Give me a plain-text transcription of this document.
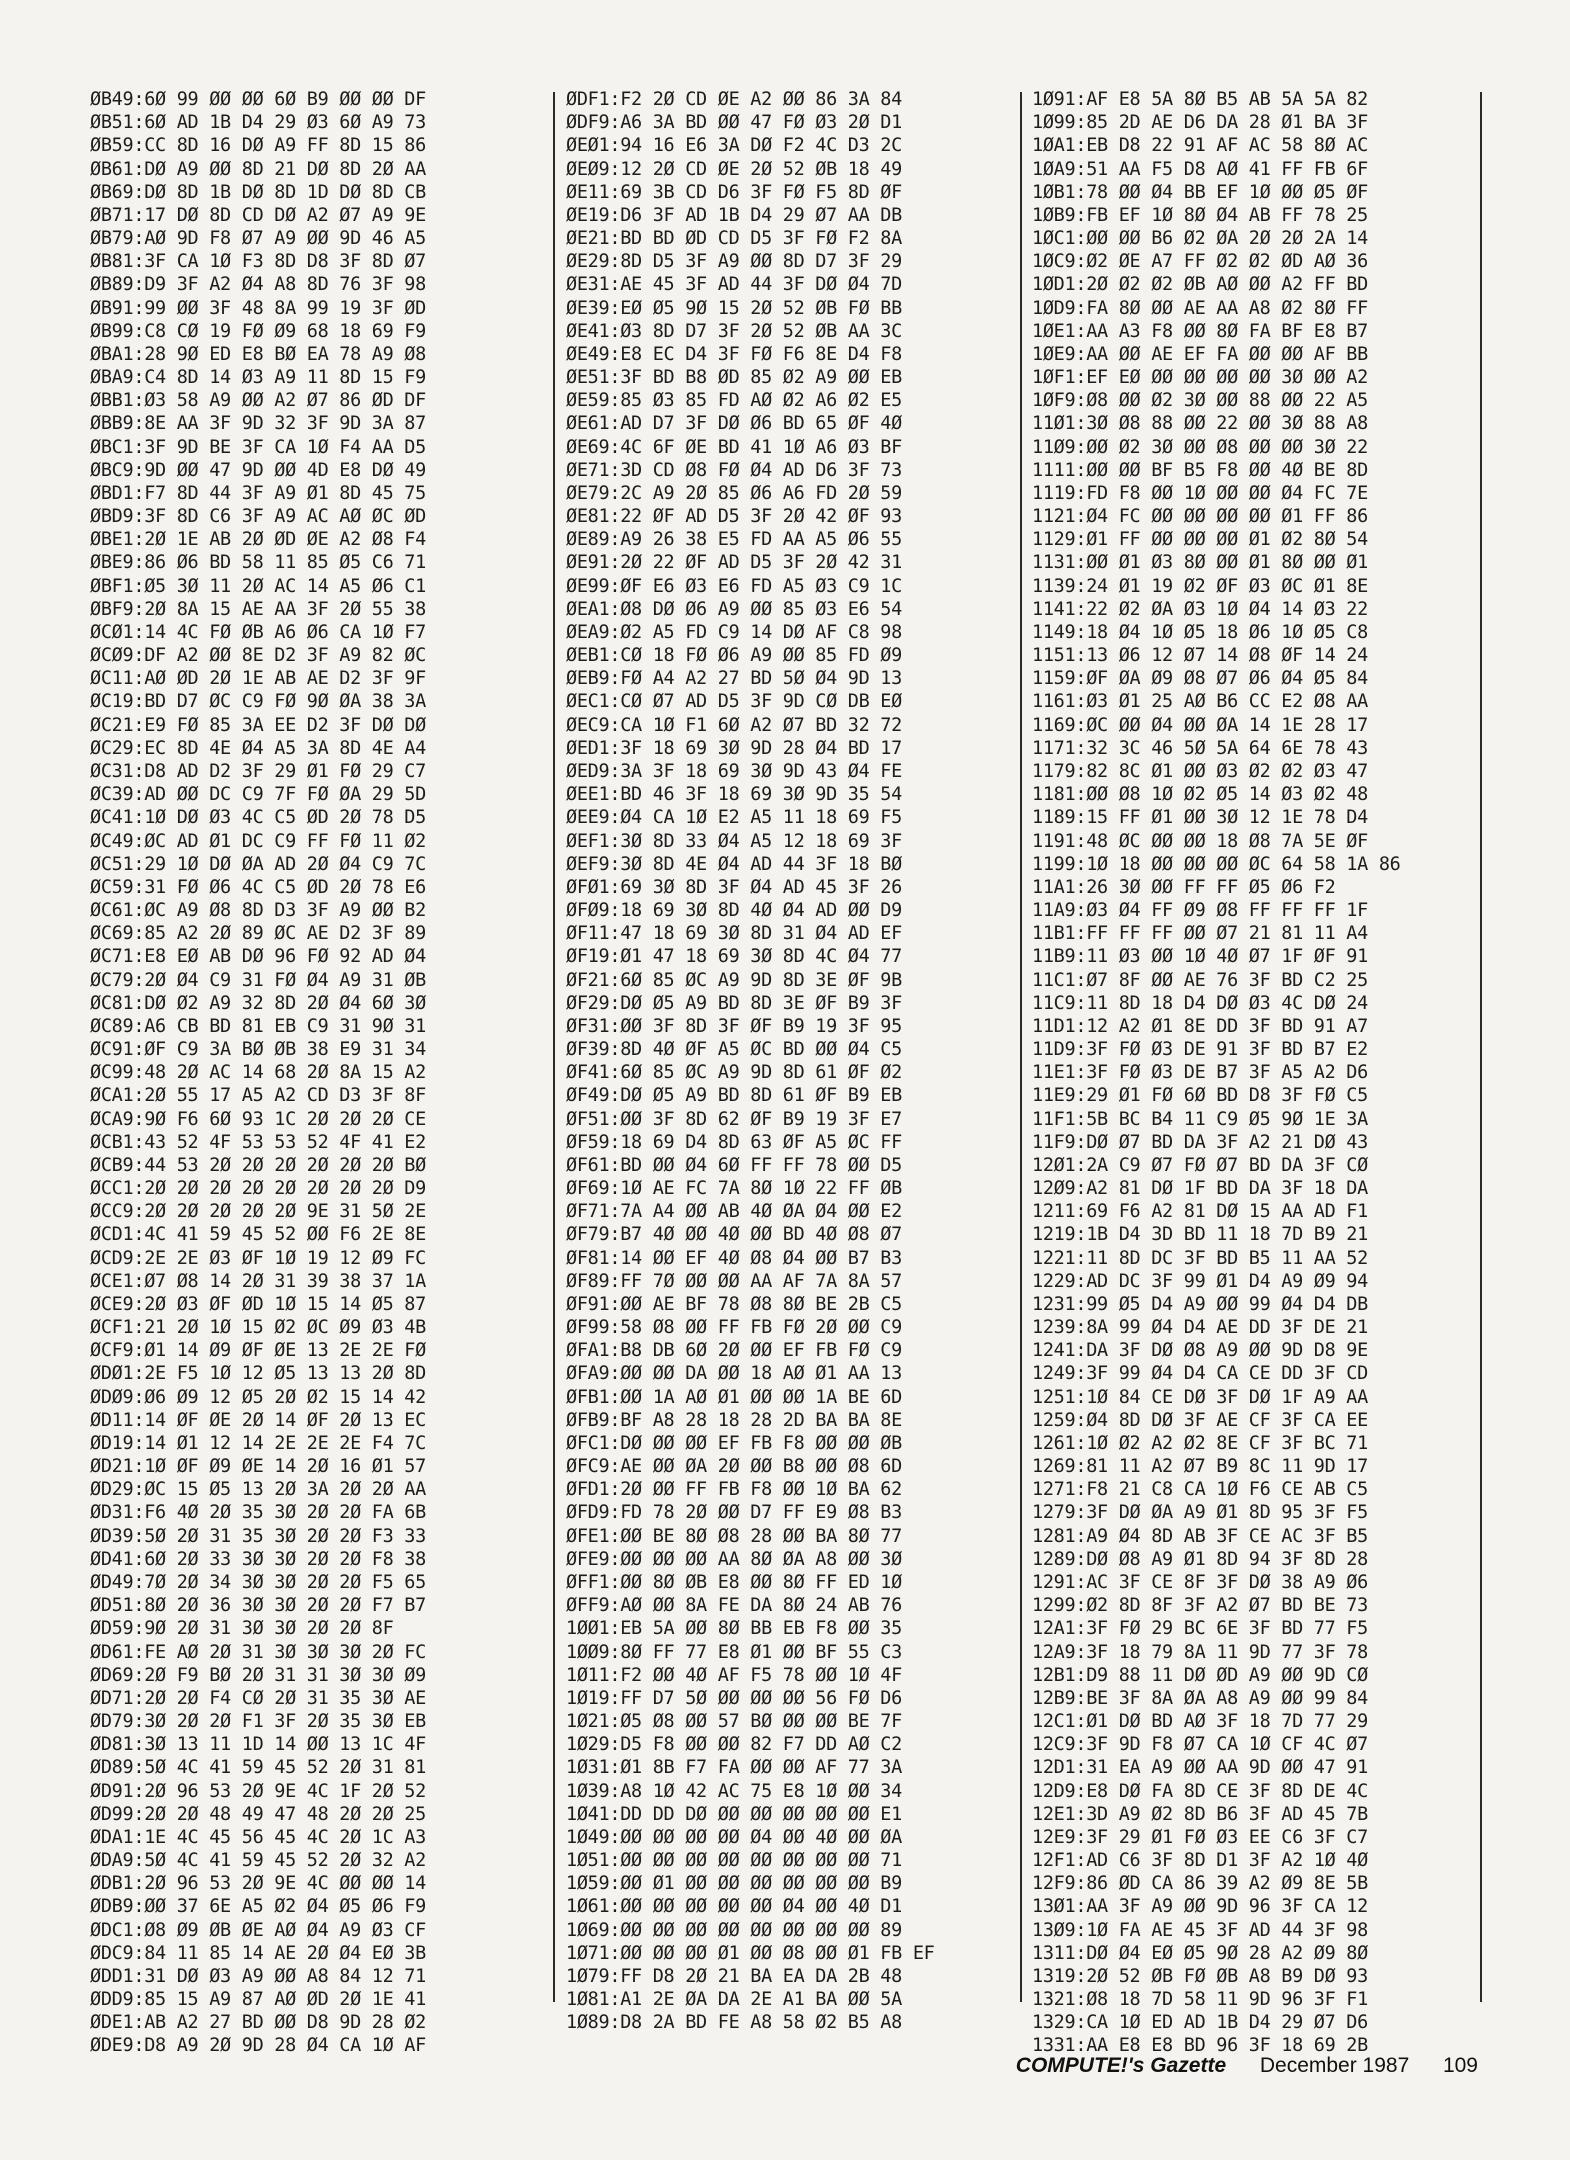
ØB49:6Ø 99 ØØ ØØ 6Ø B9 ØØ ØØ DF
ØB51:6Ø AD 1B D4 29 Ø3 6Ø A9 73
ØB59:CC 8D 16 DØ A9 FF 8D 15 86
ØB61:DØ A9 ØØ 8D 21 DØ 8D 2Ø AA
ØB69:DØ 8D 1B DØ 8D 1D DØ 8D CB
ØB71:17 DØ 8D CD DØ A2 Ø7 A9 9E
ØB79:AØ 9D F8 Ø7 A9 ØØ 9D 46 A5
ØB81:3F CA 1Ø F3 8D D8 3F 8D Ø7
ØB89:D9 3F A2 Ø4 A8 8D 76 3F 98
ØB91:99 ØØ 3F 48 8A 99 19 3F ØD
ØB99:C8 CØ 19 FØ Ø9 68 18 69 F9
ØBA1:28 9Ø ED E8 BØ EA 78 A9 Ø8
ØBA9:C4 8D 14 Ø3 A9 11 8D 15 F9
ØBB1:Ø3 58 A9 ØØ A2 Ø7 86 ØD DF
ØBB9:8E AA 3F 9D 32 3F 9D 3A 87
ØBC1:3F 9D BE 3F CA 1Ø F4 AA D5
ØBC9:9D ØØ 47 9D ØØ 4D E8 DØ 49
ØBD1:F7 8D 44 3F A9 Ø1 8D 45 75
ØBD9:3F 8D C6 3F A9 AC AØ ØC ØD
ØBE1:2Ø 1E AB 2Ø ØD ØE A2 Ø8 F4
ØBE9:86 Ø6 BD 58 11 85 Ø5 C6 71
ØBF1:Ø5 3Ø 11 2Ø AC 14 A5 Ø6 C1
ØBF9:2Ø 8A 15 AE AA 3F 2Ø 55 38
ØCØ1:14 4C FØ ØB A6 Ø6 CA 1Ø F7
ØCØ9:DF A2 ØØ 8E D2 3F A9 82 ØC
ØC11:AØ ØD 2Ø 1E AB AE D2 3F 9F
ØC19:BD D7 ØC C9 FØ 9Ø ØA 38 3A
ØC21:E9 FØ 85 3A EE D2 3F DØ DØ
ØC29:EC 8D 4E Ø4 A5 3A 8D 4E A4
ØC31:D8 AD D2 3F 29 Ø1 FØ 29 C7
ØC39:AD ØØ DC C9 7F FØ ØA 29 5D
ØC41:1Ø DØ Ø3 4C C5 ØD 2Ø 78 D5
ØC49:ØC AD Ø1 DC C9 FF FØ 11 Ø2
ØC51:29 1Ø DØ ØA AD 2Ø Ø4 C9 7C
ØC59:31 FØ Ø6 4C C5 ØD 2Ø 78 E6
ØC61:ØC A9 Ø8 8D D3 3F A9 ØØ B2
ØC69:85 A2 2Ø 89 ØC AE D2 3F 89
ØC71:E8 EØ AB DØ 96 FØ 92 AD Ø4
ØC79:2Ø Ø4 C9 31 FØ Ø4 A9 31 ØB
ØC81:DØ Ø2 A9 32 8D 2Ø Ø4 6Ø 3Ø
ØC89:A6 CB BD 81 EB C9 31 9Ø 31
ØC91:ØF C9 3A BØ ØB 38 E9 31 34
ØC99:48 2Ø AC 14 68 2Ø 8A 15 A2
ØCA1:2Ø 55 17 A5 A2 CD D3 3F 8F
ØCA9:9Ø F6 6Ø 93 1C 2Ø 2Ø 2Ø CE
ØCB1:43 52 4F 53 53 52 4F 41 E2
ØCB9:44 53 2Ø 2Ø 2Ø 2Ø 2Ø 2Ø BØ
ØCC1:2Ø 2Ø 2Ø 2Ø 2Ø 2Ø 2Ø 2Ø D9
ØCC9:2Ø 2Ø 2Ø 2Ø 2Ø 9E 31 5Ø 2E
ØCD1:4C 41 59 45 52 ØØ F6 2E 8E
ØCD9:2E 2E Ø3 ØF 1Ø 19 12 Ø9 FC
ØCE1:Ø7 Ø8 14 2Ø 31 39 38 37 1A
ØCE9:2Ø Ø3 ØF ØD 1Ø 15 14 Ø5 87
ØCF1:21 2Ø 1Ø 15 Ø2 ØC Ø9 Ø3 4B
ØCF9:Ø1 14 Ø9 ØF ØE 13 2E 2E FØ
ØDØ1:2E F5 1Ø 12 Ø5 13 13 2Ø 8D
ØDØ9:Ø6 Ø9 12 Ø5 2Ø Ø2 15 14 42
ØD11:14 ØF ØE 2Ø 14 ØF 2Ø 13 EC
ØD19:14 Ø1 12 14 2E 2E 2E F4 7C
ØD21:1Ø ØF Ø9 ØE 14 2Ø 16 Ø1 57
ØD29:ØC 15 Ø5 13 2Ø 3A 2Ø 2Ø AA
ØD31:F6 4Ø 2Ø 35 3Ø 2Ø 2Ø FA 6B
ØD39:5Ø 2Ø 31 35 3Ø 2Ø 2Ø F3 33
ØD41:6Ø 2Ø 33 3Ø 3Ø 2Ø 2Ø F8 38
ØD49:7Ø 2Ø 34 3Ø 3Ø 2Ø 2Ø F5 65
ØD51:8Ø 2Ø 36 3Ø 3Ø 2Ø 2Ø F7 B7
ØD59:9Ø 2Ø 31 3Ø 3Ø 2Ø 2Ø 8F
ØD61:FE AØ 2Ø 31 3Ø 3Ø 3Ø 2Ø FC
ØD69:2Ø F9 BØ 2Ø 31 31 3Ø 3Ø Ø9
ØD71:2Ø 2Ø F4 CØ 2Ø 31 35 3Ø AE
ØD79:3Ø 2Ø 2Ø F1 3F 2Ø 35 3Ø EB
ØD81:3Ø 13 11 1D 14 ØØ 13 1C 4F
ØD89:5Ø 4C 41 59 45 52 2Ø 31 81
ØD91:2Ø 96 53 2Ø 9E 4C 1F 2Ø 52
ØD99:2Ø 2Ø 48 49 47 48 2Ø 2Ø 25
ØDA1:1E 4C 45 56 45 4C 2Ø 1C A3
ØDA9:5Ø 4C 41 59 45 52 2Ø 32 A2
ØDB1:2Ø 96 53 2Ø 9E 4C ØØ ØØ 14
ØDB9:ØØ 37 6E A5 Ø2 Ø4 Ø5 Ø6 F9
ØDC1:Ø8 Ø9 ØB ØE AØ Ø4 A9 Ø3 CF
ØDC9:84 11 85 14 AE 2Ø Ø4 EØ 3B
ØDD1:31 DØ Ø3 A9 ØØ A8 84 12 71
ØDD9:85 15 A9 87 AØ ØD 2Ø 1E 41
ØDE1:AB A2 27 BD ØØ D8 9D 28 Ø2
ØDE9:D8 A9 2Ø 9D 28 Ø4 CA 1Ø AF
ØDF1:F2 2Ø CD ØE A2 ØØ 86 3A 84
ØDF9:A6 3A BD ØØ 47 FØ Ø3 2Ø D1
ØEØ1:94 16 E6 3A DØ F2 4C D3 2C
ØEØ9:12 2Ø CD ØE 2Ø 52 ØB 18 49
ØE11:69 3B CD D6 3F FØ F5 8D ØF
ØE19:D6 3F AD 1B D4 29 Ø7 AA DB
ØE21:BD BD ØD CD D5 3F FØ F2 8A
ØE29:8D D5 3F A9 ØØ 8D D7 3F 29
ØE31:AE 45 3F AD 44 3F DØ Ø4 7D
ØE39:EØ Ø5 9Ø 15 2Ø 52 ØB FØ BB
ØE41:Ø3 8D D7 3F 2Ø 52 ØB AA 3C
ØE49:E8 EC D4 3F FØ F6 8E D4 F8
ØE51:3F BD B8 ØD 85 Ø2 A9 ØØ EB
ØE59:85 Ø3 85 FD AØ Ø2 A6 Ø2 E5
ØE61:AD D7 3F DØ Ø6 BD 65 ØF 4Ø
ØE69:4C 6F ØE BD 41 1Ø A6 Ø3 BF
ØE71:3D CD Ø8 FØ Ø4 AD D6 3F 73
ØE79:2C A9 2Ø 85 Ø6 A6 FD 2Ø 59
ØE81:22 ØF AD D5 3F 2Ø 42 ØF 93
ØE89:A9 26 38 E5 FD AA A5 Ø6 55
ØE91:2Ø 22 ØF AD D5 3F 2Ø 42 31
ØE99:ØF E6 Ø3 E6 FD A5 Ø3 C9 1C
ØEA1:Ø8 DØ Ø6 A9 ØØ 85 Ø3 E6 54
ØEA9:Ø2 A5 FD C9 14 DØ AF C8 98
ØEB1:CØ 18 FØ Ø6 A9 ØØ 85 FD Ø9
ØEB9:FØ A4 A2 27 BD 5Ø Ø4 9D 13
ØEC1:CØ Ø7 AD D5 3F 9D CØ DB EØ
ØEC9:CA 1Ø F1 6Ø A2 Ø7 BD 32 72
ØED1:3F 18 69 3Ø 9D 28 Ø4 BD 17
ØED9:3A 3F 18 69 3Ø 9D 43 Ø4 FE
ØEE1:BD 46 3F 18 69 3Ø 9D 35 54
ØEE9:Ø4 CA 1Ø E2 A5 11 18 69 F5
ØEF1:3Ø 8D 33 Ø4 A5 12 18 69 3F
ØEF9:3Ø 8D 4E Ø4 AD 44 3F 18 BØ
ØFØ1:69 3Ø 8D 3F Ø4 AD 45 3F 26
ØFØ9:18 69 3Ø 8D 4Ø Ø4 AD ØØ D9
ØF11:47 18 69 3Ø 8D 31 Ø4 AD EF
ØF19:Ø1 47 18 69 3Ø 8D 4C Ø4 77
ØF21:6Ø 85 ØC A9 9D 8D 3E ØF 9B
ØF29:DØ Ø5 A9 BD 8D 3E ØF B9 3F
ØF31:ØØ 3F 8D 3F ØF B9 19 3F 95
ØF39:8D 4Ø ØF A5 ØC BD ØØ Ø4 C5
ØF41:6Ø 85 ØC A9 9D 8D 61 ØF Ø2
ØF49:DØ Ø5 A9 BD 8D 61 ØF B9 EB
ØF51:ØØ 3F 8D 62 ØF B9 19 3F E7
ØF59:18 69 D4 8D 63 ØF A5 ØC FF
ØF61:BD ØØ Ø4 6Ø FF FF 78 ØØ D5
ØF69:1Ø AE FC 7A 8Ø 1Ø 22 FF ØB
ØF71:7A A4 ØØ AB 4Ø ØA Ø4 ØØ E2
ØF79:B7 4Ø ØØ 4Ø ØØ BD 4Ø Ø8 Ø7
ØF81:14 ØØ EF 4Ø Ø8 Ø4 ØØ B7 B3
ØF89:FF 7Ø ØØ ØØ AA AF 7A 8A 57
ØF91:ØØ AE BF 78 Ø8 8Ø BE 2B C5
ØF99:58 Ø8 ØØ FF FB FØ 2Ø ØØ C9
ØFA1:B8 DB 6Ø 2Ø ØØ EF FB FØ C9
ØFA9:ØØ ØØ DA ØØ 18 AØ Ø1 AA 13
ØFB1:ØØ 1A AØ Ø1 ØØ ØØ 1A BE 6D
ØFB9:BF A8 28 18 28 2D BA BA 8E
ØFC1:DØ ØØ ØØ EF FB F8 ØØ ØØ ØB
ØFC9:AE ØØ ØA 2Ø ØØ B8 ØØ Ø8 6D
ØFD1:2Ø ØØ FF FB F8 ØØ 1Ø BA 62
ØFD9:FD 78 2Ø ØØ D7 FF E9 Ø8 B3
ØFE1:ØØ BE 8Ø Ø8 28 ØØ BA 8Ø 77
ØFE9:ØØ ØØ ØØ AA 8Ø ØA A8 ØØ 3Ø
ØFF1:ØØ 8Ø ØB E8 ØØ 8Ø FF ED 1Ø
ØFF9:AØ ØØ 8A FE DA 8Ø 24 AB 76
1ØØ1:EB 5A ØØ 8Ø BB EB F8 ØØ 35
1ØØ9:8Ø FF 77 E8 Ø1 ØØ BF 55 C3
1Ø11:F2 ØØ 4Ø AF F5 78 ØØ 1Ø 4F
1Ø19:FF D7 5Ø ØØ ØØ ØØ 56 FØ D6
1Ø21:Ø5 Ø8 ØØ 57 BØ ØØ ØØ BE 7F
1Ø29:D5 F8 ØØ ØØ 82 F7 DD AØ C2
1Ø31:Ø1 8B F7 FA ØØ ØØ AF 77 3A
1Ø39:A8 1Ø 42 AC 75 E8 1Ø ØØ 34
1Ø41:DD DD DØ ØØ ØØ ØØ ØØ ØØ E1
1Ø49:ØØ ØØ ØØ ØØ Ø4 ØØ 4Ø ØØ ØA
1Ø51:ØØ ØØ ØØ ØØ ØØ ØØ ØØ ØØ 71
1Ø59:ØØ Ø1 ØØ ØØ ØØ ØØ ØØ ØØ B9
1Ø61:ØØ ØØ ØØ ØØ ØØ Ø4 ØØ 4Ø D1
1Ø69:ØØ ØØ ØØ ØØ ØØ ØØ ØØ ØØ 89
1Ø71:ØØ ØØ ØØ Ø1 ØØ Ø8 ØØ Ø1 FB EF
1Ø79:FF D8 2Ø 21 BA EA DA 2B 48
1Ø81:A1 2E ØA DA 2E A1 BA ØØ 5A
1Ø89:D8 2A BD FE A8 58 Ø2 B5 A8
1Ø91:AF E8 5A 8Ø B5 AB 5A 5A 82
1Ø99:85 2D AE D6 DA 28 Ø1 BA 3F
1ØA1:EB D8 22 91 AF AC 58 8Ø AC
1ØA9:51 AA F5 D8 AØ 41 FF FB 6F
1ØB1:78 ØØ Ø4 BB EF 1Ø ØØ Ø5 ØF
1ØB9:FB EF 1Ø 8Ø Ø4 AB FF 78 25
1ØC1:ØØ ØØ B6 Ø2 ØA 2Ø 2Ø 2A 14
1ØC9:Ø2 ØE A7 FF Ø2 Ø2 ØD AØ 36
1ØD1:2Ø Ø2 Ø2 ØB AØ ØØ A2 FF BD
1ØD9:FA 8Ø ØØ AE AA A8 Ø2 8Ø FF
1ØE1:AA A3 F8 ØØ 8Ø FA BF E8 B7
1ØE9:AA ØØ AE EF FA ØØ ØØ AF BB
1ØF1:EF EØ ØØ ØØ ØØ ØØ 3Ø ØØ A2
1ØF9:Ø8 ØØ Ø2 3Ø ØØ 88 ØØ 22 A5
11Ø1:3Ø Ø8 88 ØØ 22 ØØ 3Ø 88 A8
11Ø9:ØØ Ø2 3Ø ØØ Ø8 ØØ ØØ 3Ø 22
1111:ØØ ØØ BF B5 F8 ØØ 4Ø BE 8D
1119:FD F8 ØØ 1Ø ØØ ØØ Ø4 FC 7E
1121:Ø4 FC ØØ ØØ ØØ ØØ Ø1 FF 86
1129:Ø1 FF ØØ ØØ ØØ Ø1 Ø2 8Ø 54
1131:ØØ Ø1 Ø3 8Ø ØØ Ø1 8Ø ØØ Ø1
1139:24 Ø1 19 Ø2 ØF Ø3 ØC Ø1 8E
1141:22 Ø2 ØA Ø3 1Ø Ø4 14 Ø3 22
1149:18 Ø4 1Ø Ø5 18 Ø6 1Ø Ø5 C8
1151:13 Ø6 12 Ø7 14 Ø8 ØF 14 24
1159:ØF ØA Ø9 Ø8 Ø7 Ø6 Ø4 Ø5 84
1161:Ø3 Ø1 25 AØ B6 CC E2 Ø8 AA
1169:ØC ØØ Ø4 ØØ ØA 14 1E 28 17
1171:32 3C 46 5Ø 5A 64 6E 78 43
1179:82 8C Ø1 ØØ Ø3 Ø2 Ø2 Ø3 47
1181:ØØ Ø8 1Ø Ø2 Ø5 14 Ø3 Ø2 48
1189:15 FF Ø1 ØØ 3Ø 12 1E 78 D4
1191:48 ØC ØØ ØØ 18 Ø8 7A 5E ØF
1199:1Ø 18 ØØ ØØ ØØ ØC 64 58 1A 86
11A1:26 3Ø ØØ FF FF Ø5 Ø6 F2
11A9:Ø3 Ø4 FF Ø9 Ø8 FF FF FF 1F
11B1:FF FF FF ØØ Ø7 21 81 11 A4
11B9:11 Ø3 ØØ 1Ø 4Ø Ø7 1F ØF 91
11C1:Ø7 8F ØØ AE 76 3F BD C2 25
11C9:11 8D 18 D4 DØ Ø3 4C DØ 24
11D1:12 A2 Ø1 8E DD 3F BD 91 A7
11D9:3F FØ Ø3 DE 91 3F BD B7 E2
11E1:3F FØ Ø3 DE B7 3F A5 A2 D6
11E9:29 Ø1 FØ 6Ø BD D8 3F FØ C5
11F1:5B BC B4 11 C9 Ø5 9Ø 1E 3A
11F9:DØ Ø7 BD DA 3F A2 21 DØ 43
12Ø1:2A C9 Ø7 FØ Ø7 BD DA 3F CØ
12Ø9:A2 81 DØ 1F BD DA 3F 18 DA
1211:69 F6 A2 81 DØ 15 AA AD F1
1219:1B D4 3D BD 11 18 7D B9 21
1221:11 8D DC 3F BD B5 11 AA 52
1229:AD DC 3F 99 Ø1 D4 A9 Ø9 94
1231:99 Ø5 D4 A9 ØØ 99 Ø4 D4 DB
1239:8A 99 Ø4 D4 AE DD 3F DE 21
1241:DA 3F DØ Ø8 A9 ØØ 9D D8 9E
1249:3F 99 Ø4 D4 CA CE DD 3F CD
1251:1Ø 84 CE DØ 3F DØ 1F A9 AA
1259:Ø4 8D DØ 3F AE CF 3F CA EE
1261:1Ø Ø2 A2 Ø2 8E CF 3F BC 71
1269:81 11 A2 Ø7 B9 8C 11 9D 17
1271:F8 21 C8 CA 1Ø F6 CE AB C5
1279:3F DØ ØA A9 Ø1 8D 95 3F F5
1281:A9 Ø4 8D AB 3F CE AC 3F B5
1289:DØ Ø8 A9 Ø1 8D 94 3F 8D 28
1291:AC 3F CE 8F 3F DØ 38 A9 Ø6
1299:Ø2 8D 8F 3F A2 Ø7 BD BE 73
12A1:3F FØ 29 BC 6E 3F BD 77 F5
12A9:3F 18 79 8A 11 9D 77 3F 78
12B1:D9 88 11 DØ ØD A9 ØØ 9D CØ
12B9:BE 3F 8A ØA A8 A9 ØØ 99 84
12C1:Ø1 DØ BD AØ 3F 18 7D 77 29
12C9:3F 9D F8 Ø7 CA 1Ø CF 4C Ø7
12D1:31 EA A9 ØØ AA 9D ØØ 47 91
12D9:E8 DØ FA 8D CE 3F 8D DE 4C
12E1:3D A9 Ø2 8D B6 3F AD 45 7B
12E9:3F 29 Ø1 FØ Ø3 EE C6 3F C7
12F1:AD C6 3F 8D D1 3F A2 1Ø 4Ø
12F9:86 ØD CA 86 39 A2 Ø9 8E 5B
13Ø1:AA 3F A9 ØØ 9D 96 3F CA 12
13Ø9:1Ø FA AE 45 3F AD 44 3F 98
1311:DØ Ø4 EØ Ø5 9Ø 28 A2 Ø9 8Ø
1319:2Ø 52 ØB FØ ØB A8 B9 DØ 93
1321:Ø8 18 7D 58 11 9D 96 3F F1
1329:CA 1Ø ED AD 1B D4 29 Ø7 D6
1331:AA E8 E8 BD 96 3F 18 69 2B
COMPUTE!'s Gazette December 1987 109
